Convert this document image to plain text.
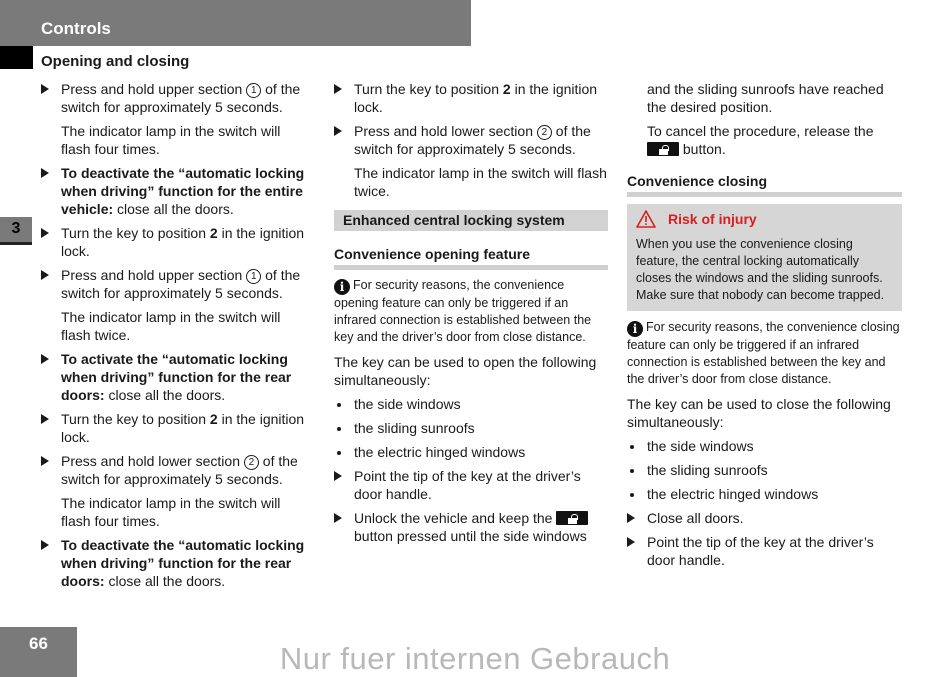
Controls
3
66	Nur fuer internen Gebrauch
Opening and closing
Press and hold upper section 1 of the switch for approximately 5 seconds.
The indicator lamp in the switch will flash four times.
To deactivate the “automatic locking when driving” function for the entire vehicle: close all the doors.
Turn the key to position 2 in the ignition lock.
Press and hold upper section 1 of the switch for approximately 5 seconds.
The indicator lamp in the switch will flash twice.
To activate the “automatic locking when driving” function for the rear doors: close all the doors.
Turn the key to position 2 in the ignition lock.
Press and hold lower section 2 of the switch for approximately 5 seconds.
The indicator lamp in the switch will flash four times.
To deactivate the “automatic locking when driving” function for the rear doors: close all the doors.
Turn the key to position 2 in the ignition lock.
Press and hold lower section 2 of the switch for approximately 5 seconds.
The indicator lamp in the switch will flash twice.
Enhanced central locking system
Convenience opening feature
i For security reasons, the convenience opening feature can only be triggered if an infrared connection is established between the key and the driver’s door from close distance.
The key can be used to open the following simultaneously:
the side windows
the sliding sunroofs
the electric hinged windows
Point the tip of the key at the driver’s door handle.
Unlock the vehicle and keep the  button pressed until the side windows
and the sliding sunroofs have reached the desired position.
To cancel the procedure, release the  button.
Convenience closing
Risk of injury
When you use the convenience closing feature, the central locking automatically closes the windows and the sliding sunroofs. Make sure that nobody can become trapped.
i For security reasons, the convenience closing feature can only be triggered if an infrared connection is established between the key and the driver’s door from close distance.
The key can be used to close the following simultaneously:
the side windows
the sliding sunroofs
the electric hinged windows
Close all doors.
Point the tip of the key at the driver’s door handle.
